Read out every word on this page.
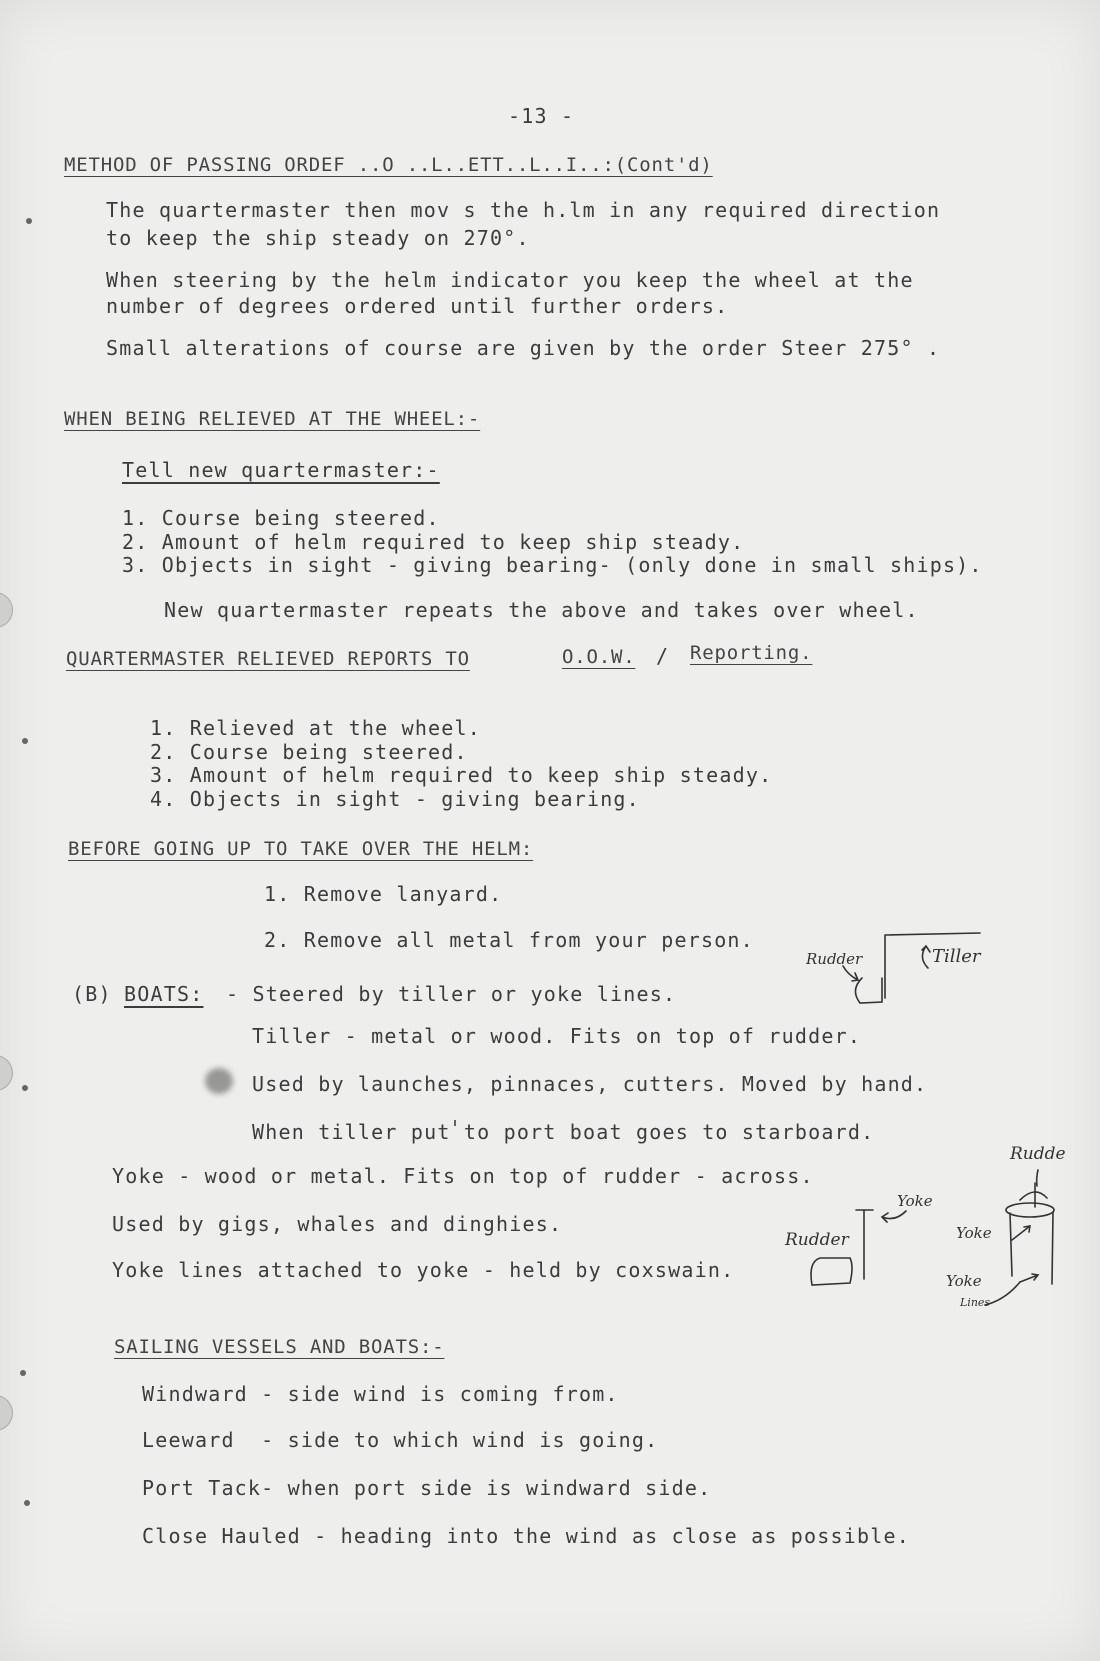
-13 -
METHOD OF PASSING ORDEF ..O ..L..ETT..L..I..:(Cont'd)
The quartermaster then mov s the h.lm in any required direction
to keep the ship steady on 270°.
When steering by the helm indicator you keep the wheel at the
number of degrees ordered until further orders.
Small alterations of course are given by the order Steer 275° .
WHEN BEING RELIEVED AT THE WHEEL:-
Tell new quartermaster:-
1. Course being steered.
2. Amount of helm required to keep ship steady.
3. Objects in sight - giving bearing- (only done in small ships).
New quartermaster repeats the above and takes over wheel.
QUARTERMASTER RELIEVED REPORTS TO	O.O.W. / Reporting.
1. Relieved at the wheel.
2. Course being steered.
3. Amount of helm required to keep ship steady.
4. Objects in sight - giving bearing.
BEFORE GOING UP TO TAKE OVER THE HELM:
1. Remove lanyard.
2. Remove all metal from your person.
(B) BOATS: - Steered by tiller or yoke lines.
Tiller - metal or wood. Fits on top of rudder.
Used by launches, pinnaces, cutters. Moved by hand.
When tiller put to port boat goes to starboard.
Yoke - wood or metal. Fits on top of rudder - across.
Used by gigs, whales and dinghies.
Yoke lines attached to yoke - held by coxswain.
Rudder	Tiller
Rudder
Yoke
Rudde
Yoke
Yoke
Lines
SAILING VESSELS AND BOATS:-
Windward - side wind is coming from.
Leeward  - side to which wind is going.
Port Tack- when port side is windward side.
Close Hauled - heading into the wind as close as possible.
